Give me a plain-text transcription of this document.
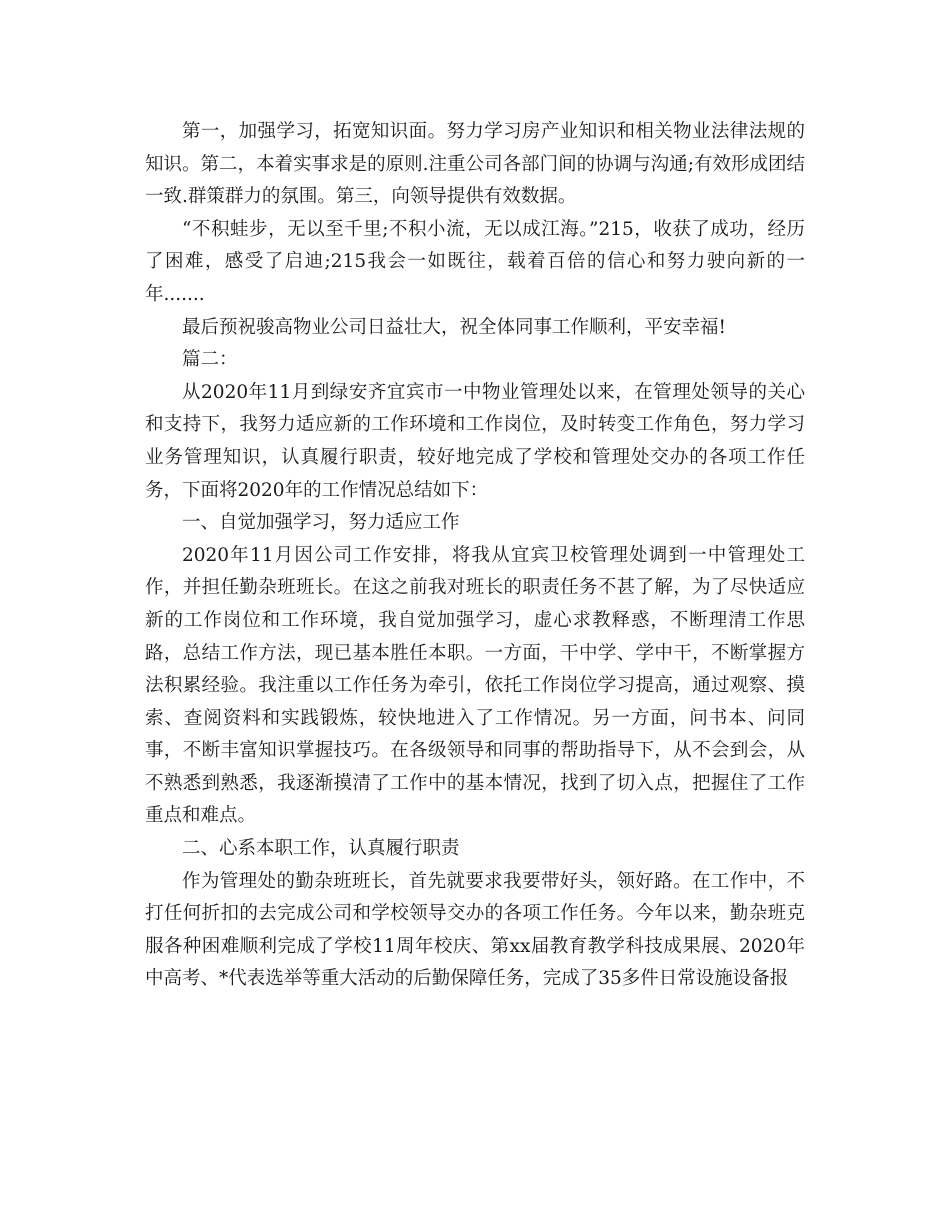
第一，加强学习，拓宽知识面。努力学习房产业知识和相关物业法律法规的知识。第二，本着实事求是的原则.注重公司各部门间的协调与沟通;有效形成团结一致.群策群力的氛围。第三，向领导提供有效数据。

“不积蛙步，无以至千里;不积小流，无以成江海。”215，收获了成功，经历了困难，感受了启迪;215我会一如既往，载着百倍的信心和努力驶向新的一年.......

最后预祝骏高物业公司日益壮大，祝全体同事工作顺利，平安幸福!

篇二：

从2020年11月到绿安齐宜宾市一中物业管理处以来，在管理处领导的关心和支持下，我努力适应新的工作环境和工作岗位，及时转变工作角色，努力学习业务管理知识，认真履行职责，较好地完成了学校和管理处交办的各项工作任务，下面将2020年的工作情况总结如下：

一、自觉加强学习，努力适应工作

2020年11月因公司工作安排，将我从宜宾卫校管理处调到一中管理处工作，并担任勤杂班班长。在这之前我对班长的职责任务不甚了解，为了尽快适应新的工作岗位和工作环境，我自觉加强学习，虚心求教释惑，不断理清工作思路，总结工作方法，现已基本胜任本职。一方面，干中学、学中干，不断掌握方法积累经验。我注重以工作任务为牵引，依托工作岗位学习提高，通过观察、摸索、查阅资料和实践锻炼，较快地进入了工作情况。另一方面，问书本、问同事，不断丰富知识掌握技巧。在各级领导和同事的帮助指导下，从不会到会，从不熟悉到熟悉，我逐渐摸清了工作中的基本情况，找到了切入点，把握住了工作重点和难点。

二、心系本职工作，认真履行职责

作为管理处的勤杂班班长，首先就要求我要带好头，领好路。在工作中，不打任何折扣的去完成公司和学校领导交办的各项工作任务。今年以来，勤杂班克服各种困难顺利完成了学校11周年校庆、第xx届教育教学科技成果展、2020年中高考、*代表选举等重大活动的后勤保障任务，完成了35多件日常设施设备报
